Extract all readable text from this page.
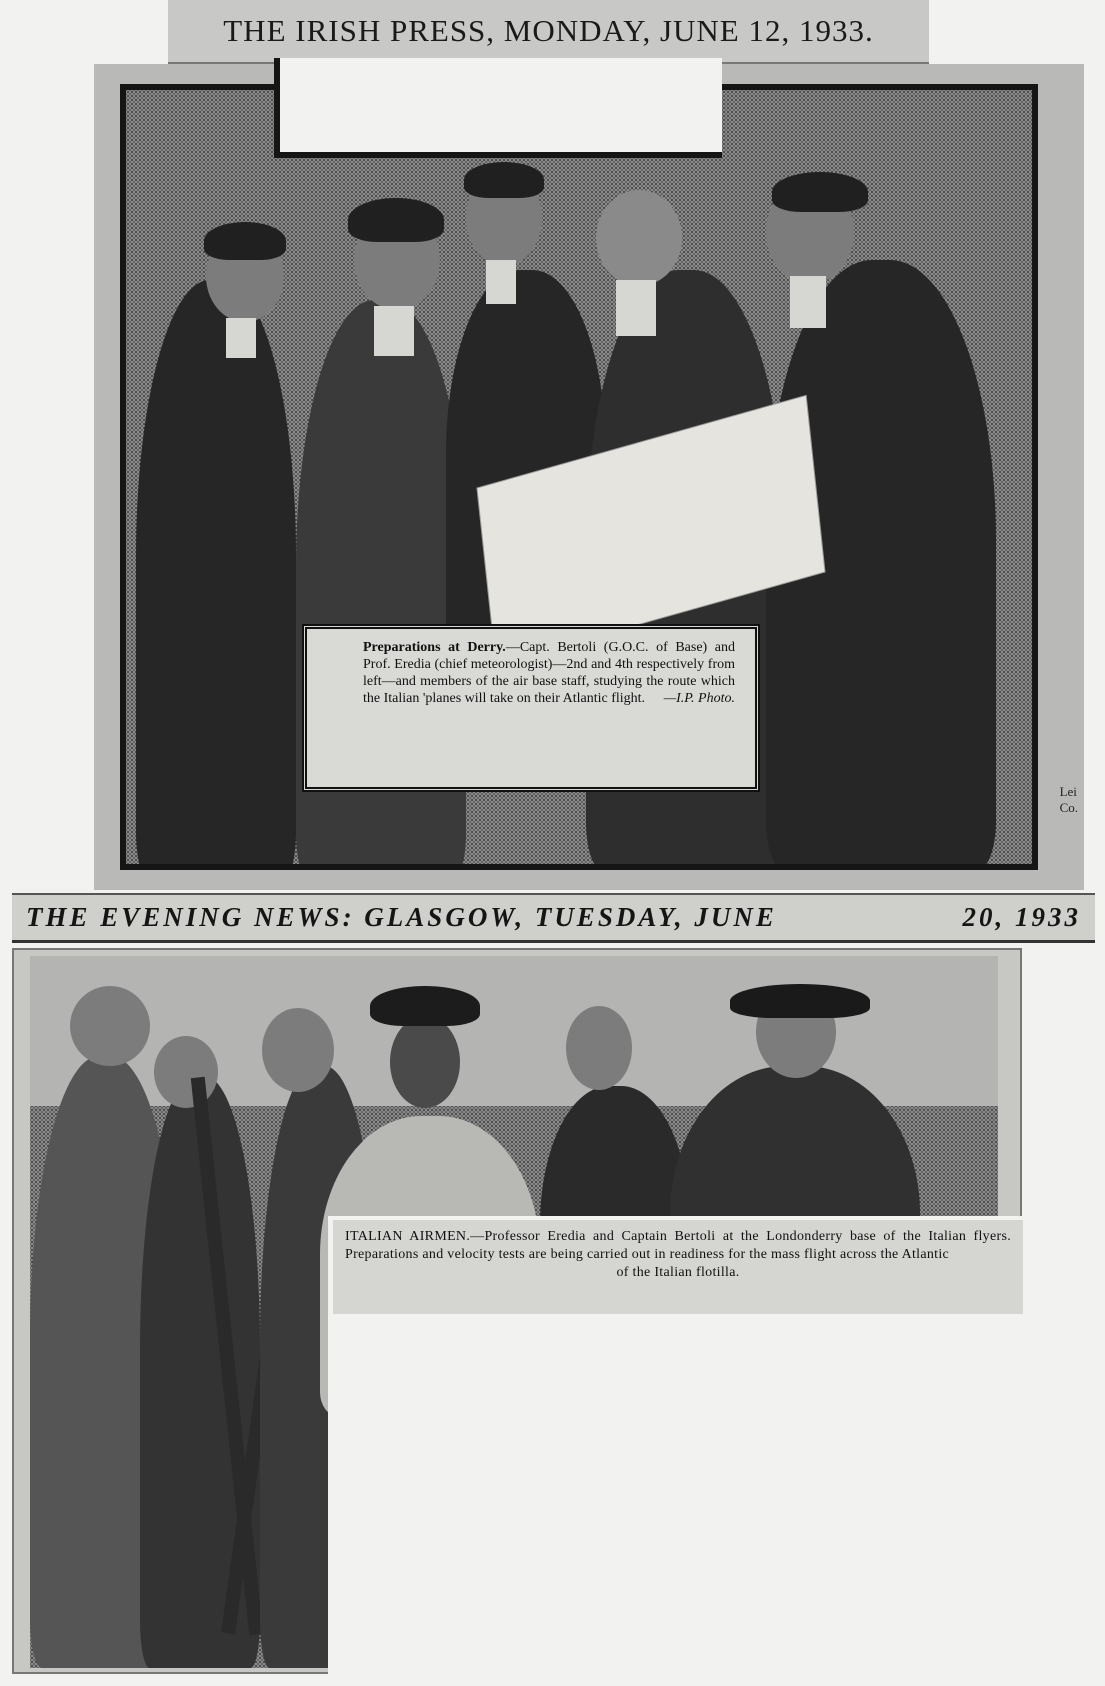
THE IRISH PRESS, MONDAY, JUNE 12, 1933.
Preparations at Derry.—Capt. Bertoli (G.O.C. of Base) and Prof. Eredia (chief meteorologist)—2nd and 4th respectively from left—and members of the air base staff, studying the route which the Italian 'planes will take on their Atlantic flight. —I.P. Photo.
Lei
Co.
THE EVENING NEWS: GLASGOW, TUESDAY, JUNE	20, 1933
ITALIAN AIRMEN.—Professor Eredia and Captain Bertoli at the Londonderry base of the Italian flyers. Preparations and velocity tests are being carried out in readiness for the mass flight across the Atlantic
of the Italian flotilla.
